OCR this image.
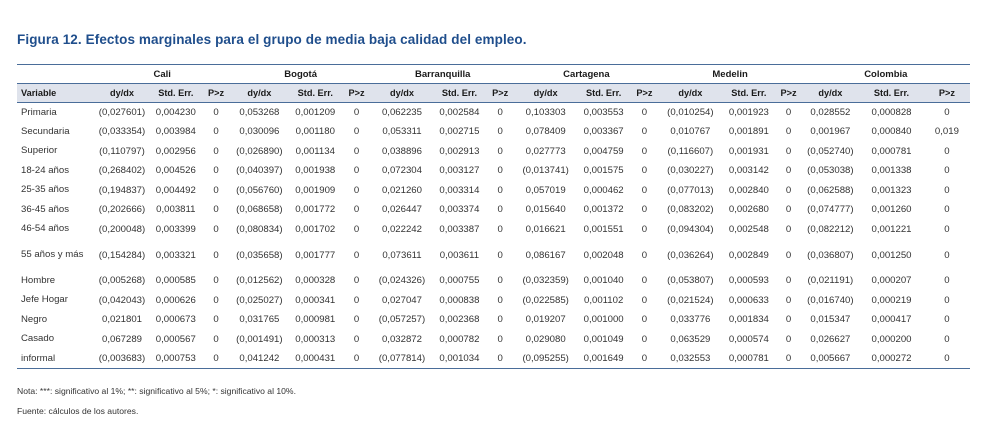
Figura 12. Efectos marginales para el grupo de media baja calidad del empleo.
	Cali			Bogotá			Barranquilla			Cartagena			Medelin			Colombia		
Variable	dy/dx	Std. Err.	P>z	dy/dx	Std. Err.	P>z	dy/dx	Std. Err.	P>z	dy/dx	Std. Err.	P>z	dy/dx	Std. Err.	P>z	dy/dx	Std. Err.	P>z
Primaria	(0,027601)	0,004230	0	0,053268	0,001209	0	0,062235	0,002584	0	0,103303	0,003553	0	(0,010254)	0,001923	0	0,028552	0,000828	0
Secundaria	(0,033354)	0,003984	0	0,030096	0,001180	0	0,053311	0,002715	0	0,078409	0,003367	0	0,010767	0,001891	0	0,001967	0,000840	0,019
Superior	(0,110797)	0,002956	0	(0,026890)	0,001134	0	0,038896	0,002913	0	0,027773	0,004759	0	(0,116607)	0,001931	0	(0,052740)	0,000781	0
18-24 años	(0,268402)	0,004526	0	(0,040397)	0,001938	0	0,072304	0,003127	0	(0,013741)	0,001575	0	(0,030227)	0,003142	0	(0,053038)	0,001338	0
25-35 años	(0,194837)	0,004492	0	(0,056760)	0,001909	0	0,021260	0,003314	0	0,057019	0,000462	0	(0,077013)	0,002840	0	(0,062588)	0,001323	0
36-45 años	(0,202666)	0,003811	0	(0,068658)	0,001772	0	0,026447	0,003374	0	0,015640	0,001372	0	(0,083202)	0,002680	0	(0,074777)	0,001260	0
46-54 años	(0,200048)	0,003399	0	(0,080834)	0,001702	0	0,022242	0,003387	0	0,016621	0,001551	0	(0,094304)	0,002548	0	(0,082212)	0,001221	0
55 años y más	(0,154284)	0,003321	0	(0,035658)	0,001777	0	0,073611	0,003611	0	0,086167	0,002048	0	(0,036264)	0,002849	0	(0,036807)	0,001250	0
Hombre	(0,005268)	0,000585	0	(0,012562)	0,000328	0	(0,024326)	0,000755	0	(0,032359)	0,001040	0	(0,053807)	0,000593	0	(0,021191)	0,000207	0
Jefe Hogar	(0,042043)	0,000626	0	(0,025027)	0,000341	0	0,027047	0,000838	0	(0,022585)	0,001102	0	(0,021524)	0,000633	0	(0,016740)	0,000219	0
Negro	0,021801	0,000673	0	0,031765	0,000981	0	(0,057257)	0,002368	0	0,019207	0,001000	0	0,033776	0,001834	0	0,015347	0,000417	0
Casado	0,067289	0,000567	0	(0,001491)	0,000313	0	0,032872	0,000782	0	0,029080	0,001049	0	0,063529	0,000574	0	0,026627	0,000200	0
informal	(0,003683)	0,000753	0	0,041242	0,000431	0	(0,077814)	0,001034	0	(0,095255)	0,001649	0	0,032553	0,000781	0	0,005667	0,000272	0
Nota: ***: significativo al 1%; **: significativo al 5%; *: significativo al 10%.
Fuente: cálculos de los autores.
